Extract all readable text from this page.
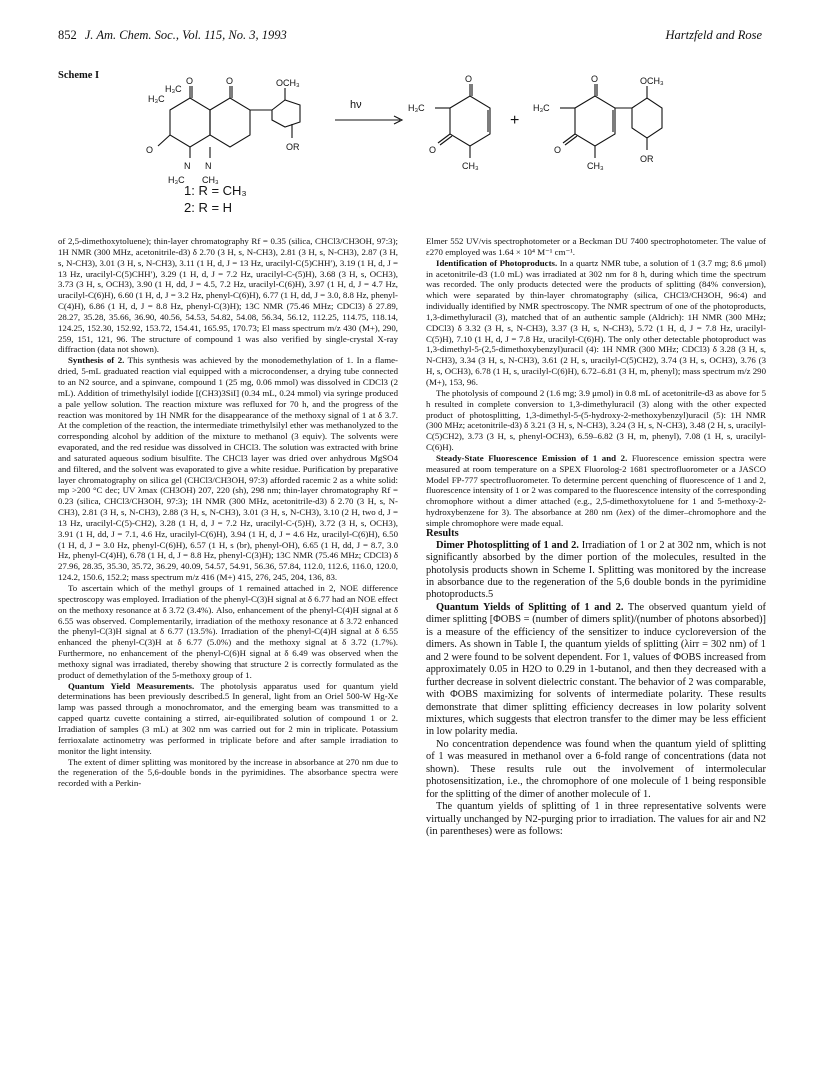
852 J. Am. Chem. Soc., Vol. 115, No. 3, 1993	Hartzfeld and Rose
Scheme I
H₃C
H₃C
O	O	OCH₃
O
N N
H₃C CH₃
OR
hν
O
H₃C
O
CH₃
+
O
H₃C
O
CH₃
OCH₃
OR
1: R = CH₃
2: R = H

of 2,5-dimethoxytoluene); thin-layer chromatography Rf = 0.35 (silica, CHCl3/CH3OH, 97:3); 1H NMR (300 MHz, acetonitrile-d3) δ 2.70 (3 H, s, N-CH3), 2.81 (3 H, s, N-CH3), 2.87 (3 H, s, N-CH3), 3.01 (3 H, s, N-CH3), 3.11 (1 H, d, J = 13 Hz, uracilyl-C(5)CHH′), 3.19 (1 H, d, J = 13 Hz, uracilyl-C(5)CHH′), 3.29 (1 H, d, J = 7.2 Hz, uracilyl-C-(5)H), 3.68 (3 H, s, OCH3), 3.73 (3 H, s, OCH3), 3.90 (1 H, dd, J = 4.5, 7.2 Hz, uracilyl-C(6)H), 3.97 (1 H, d, J = 4.7 Hz, uracilyl-C(6)H), 6.60 (1 H, d, J = 3.2 Hz, phenyl-C(6)H), 6.77 (1 H, dd, J = 3.0, 8.8 Hz, phenyl-C(4)H), 6.86 (1 H, d, J = 8.8 Hz, phenyl-C(3)H); 13C NMR (75.46 MHz; CDCl3) δ 27.89, 28.27, 35.28, 35.66, 36.90, 40.56, 54.53, 54.82, 54.08, 56.34, 56.12, 112.25, 114.75, 118.14, 124.25, 152.30, 152.92, 153.72, 154.41, 165.95, 170.73; El mass spectrum m/z 430 (M+), 290, 259, 151, 121, 96. The structure of compound 1 was also verified by single-crystal X-ray diffraction (data not shown).

Synthesis of 2. This synthesis was achieved by the monodemethylation of 1. In a flame-dried, 5-mL graduated reaction vial equipped with a microcondenser, a drying tube connected to an N2 source, and a spinvane, compound 1 (25 mg, 0.06 mmol) was dissolved in CDCl3 (2 mL). Addition of trimethylsilyl iodide [(CH3)3SiI] (0.34 mL, 0.24 mmol) via syringe produced a pale yellow solution. The reaction mixture was refluxed for 70 h, and the progress of the reaction was monitored by 1H NMR for the disappearance of the methoxy signal of 1 at δ 3.7. At the completion of the reaction, the intermediate trimethylsilyl ether was methanolyzed to the corresponding alcohol by addition of the mixture to methanol (3 equiv). The solvents were evaporated, and the red residue was dissolved in CHCl3. The solution was extracted with brine and saturated aqueous sodium bisulfite. The CHCl3 layer was dried over anhydrous MgSO4 and filtered, and the solvent was evaporated to give a white residue. Purification by preparative layer chromatography on silica gel (CHCl3/CH3OH, 97:3) afforded racemic 2 as a white solid: mp >200 °C dec; UV λmax (CH3OH) 207, 220 (sh), 298 nm; thin-layer chromatography Rf = 0.23 (silica, CHCl3/CH3OH, 97:3); 1H NMR (300 MHz, acetonitrile-d3) δ 2.70 (3 H, s, N-CH3), 2.81 (3 H, s, N-CH3), 2.88 (3 H, s, N-CH3), 3.01 (3 H, s, N-CH3), 3.10 (2 H, two d, J = 13 Hz, uracilyl-C(5)-CH2), 3.28 (1 H, d, J = 7.2 Hz, uracilyl-C-(5)H), 3.72 (3 H, s, OCH3), 3.91 (1 H, dd, J = 7.1, 4.6 Hz, uracilyl-C(6)H), 3.94 (1 H, d, J = 4.6 Hz, uracilyl-C(6)H), 6.50 (1 H, d, J = 3.0 Hz, phenyl-C(6)H), 6.57 (1 H, s (br), phenyl-OH), 6.65 (1 H, dd, J = 8.7, 3.0 Hz, phenyl-C(4)H), 6.78 (1 H, d, J = 8.8 Hz, phenyl-C(3)H); 13C NMR (75.46 MHz; CDCl3) δ 27.96, 28.35, 35.30, 35.72, 36.29, 40.09, 54.57, 54.91, 56.36, 57.84, 112.0, 112.6, 116.0, 120.0, 124.2, 150.6, 152.2; mass spectrum m/z 416 (M+) 415, 276, 245, 204, 136, 83.

To ascertain which of the methyl groups of 1 remained attached in 2, NOE difference spectroscopy was employed. Irradiation of the phenyl-C(3)H signal at δ 6.77 had an NOE effect on the methoxy resonance at δ 3.72 (3.4%). Also, enhancement of the phenyl-C(4)H signal at δ 6.55 was observed. Complementarily, irradiation of the methoxy resonance at δ 3.72 enhanced the phenyl-C(3)H signal at δ 6.77 (13.5%). Irradiation of the phenyl-C(4)H signal at δ 6.55 enhanced the phenyl-C(3)H at δ 6.77 (5.0%) and the methoxy signal at δ 3.72 (1.7%). Furthermore, no enhancement of the phenyl-C(6)H signal at δ 6.49 was observed when the methoxy signal was irradiated, thereby showing that structure 2 is correctly formulated as the product of demethylation of the 5-methoxy group of 1.

Quantum Yield Measurements. The photolysis apparatus used for quantum yield determinations has been previously described.5 In general, light from an Oriel 500-W Hg-Xe lamp was passed through a monochromator, and the emerging beam was transmitted to a capped quartz cuvette containing a stirred, air-equilibrated solution of compound 1 or 2. Irradiation of samples (3 mL) at 302 nm was carried out for 2 min in triplicate. Potassium ferrioxalate actinometry was performed in triplicate before and after sample irradiation to monitor the light intensity.

The extent of dimer splitting was monitored by the increase in absorbance at 270 nm due to the regeneration of the 5,6-double bonds in the pyrimidines. The absorbance spectra were recorded with a Perkin-

Elmer 552 UV/vis spectrophotometer or a Beckman DU 7400 spectrophotometer. The value of ε270 employed was 1.64 × 10⁴ M⁻¹ cm⁻¹.

Identification of Photoproducts. In a quartz NMR tube, a solution of 1 (3.7 mg; 8.6 μmol) in acetonitrile-d3 (1.0 mL) was irradiated at 302 nm for 8 h, during which time the spectrum was recorded. The only products detected were the products of splitting (84% conversion), which were separated by thin-layer chromatography (silica, CHCl3/CH3OH, 96:4) and individually identified by NMR spectroscopy. The NMR spectrum of one of the photoproducts, 1,3-dimethyluracil (3), matched that of an authentic sample (Aldrich): 1H NMR (300 MHz; CDCl3) δ 3.32 (3 H, s, N-CH3), 3.37 (3 H, s, N-CH3), 5.72 (1 H, d, J = 7.8 Hz, uracilyl-C(5)H), 7.10 (1 H, d, J = 7.8 Hz, uracilyl-C(6)H). The only other detectable photoproduct was 1,3-dimethyl-5-(2,5-dimethoxybenzyl)uracil (4): 1H NMR (300 MHz; CDCl3) δ 3.28 (3 H, s, N-CH3), 3.34 (3 H, s, N-CH3), 3.61 (2 H, s, uracilyl-C(5)CH2), 3.74 (3 H, s, OCH3), 3.76 (3 H, s, OCH3), 6.78 (1 H, s, uracilyl-C(6)H), 6.72–6.81 (3 H, m, phenyl); mass spectrum m/z 290 (M+), 153, 96.

The photolysis of compound 2 (1.6 mg; 3.9 μmol) in 0.8 mL of acetonitrile-d3 as above for 5 h resulted in complete conversion to 1,3-dimethyluracil (3) along with the other expected product of photosplitting, 1,3-dimethyl-5-(5-hydroxy-2-methoxybenzyl)uracil (5): 1H NMR (300 MHz; acetonitrile-d3) δ 3.21 (3 H, s, N-CH3), 3.24 (3 H, s, N-CH3), 3.48 (2 H, s, uracilyl-C(5)CH2), 3.73 (3 H, s, phenyl-OCH3), 6.59–6.82 (3 H, m, phenyl), 7.08 (1 H, s, uracilyl-C(6)H).

Steady-State Fluorescence Emission of 1 and 2. Fluorescence emission spectra were measured at room temperature on a SPEX Fluorolog-2 1681 spectrofluorometer or a JASCO Model FP-777 spectrofluorometer. To determine percent quenching of fluorescence of 1 and 2, fluorescence intensity of 1 or 2 was compared to the fluorescence intensity of the corresponding chromophore without a dimer attached (e.g., 2,5-dimethoxytoluene for 1 and 5-methoxy-2-hydroxybenzene for 3). The absorbance at 280 nm (λex) of the dimer–chromophore and the simple chromophore were made equal.

Results

Dimer Photosplitting of 1 and 2. Irradiation of 1 or 2 at 302 nm, which is not significantly absorbed by the dimer portion of the molecules, resulted in the photolysis products shown in Scheme I. Splitting was monitored by the increase in absorbance due to the regeneration of the 5,6 double bonds in the pyrimidine photoproducts.5

Quantum Yields of Splitting of 1 and 2. The observed quantum yield of dimer splitting [ΦOBS = (number of dimers split)/(number of photons absorbed)] is a measure of the efficiency of the sensitizer to induce cycloreversion of the dimers. As shown in Table I, the quantum yields of splitting (λirr = 302 nm) of 1 and 2 were found to be solvent dependent. For 1, values of ΦOBS increased from approximately 0.05 in H2O to 0.29 in 1-butanol, and then they decreased with a further decrease in solvent dielectric constant. The behavior of 2 was comparable, with ΦOBS maximizing for solvents of intermediate polarity. These results demonstrate that dimer splitting efficiency decreases in low polarity solvent mixtures, which suggests that electron transfer to the dimer may be less efficient in low polarity media.

No concentration dependence was found when the quantum yield of splitting of 1 was measured in methanol over a 6-fold range of concentrations (data not shown). These results rule out the involvement of intermolecular photosensitization, i.e., the chromophore of one molecule of 1 being responsible for the splitting of the dimer of another molecule of 1.

The quantum yields of splitting of 1 in three representative solvents were virtually unchanged by N2-purging prior to irradiation. The values for air and N2 (in parentheses) were as follows:
